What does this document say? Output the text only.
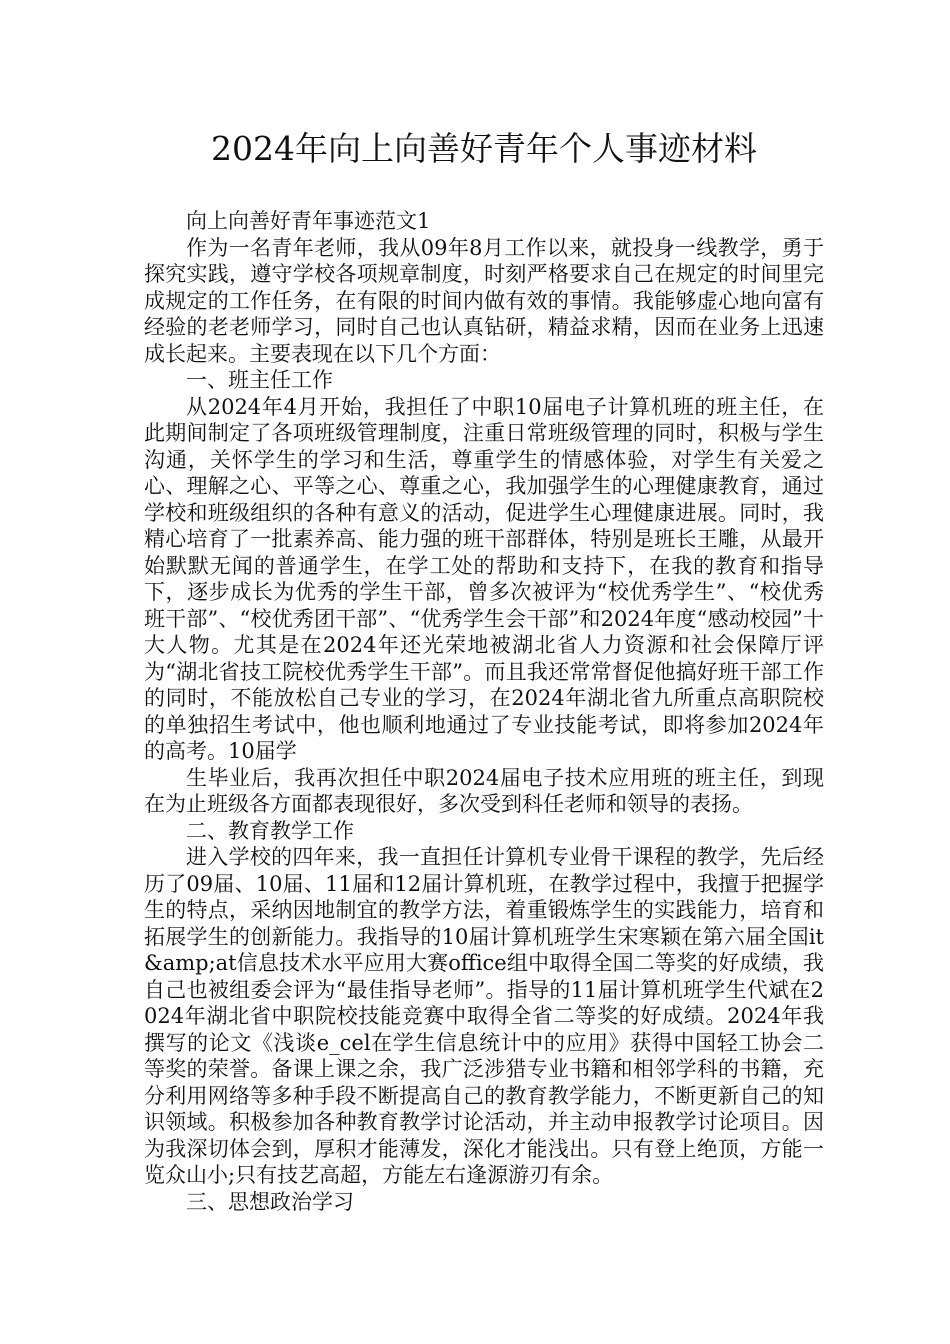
2024年向上向善好青年个人事迹材料

向上向善好青年事迹范文1

作为一名青年老师，我从09年8月工作以来，就投身一线教学，勇于探究实践，遵守学校各项规章制度，时刻严格要求自己在规定的时间里完成规定的工作任务，在有限的时间内做有效的事情。我能够虚心地向富有经验的老老师学习，同时自己也认真钻研，精益求精，因而在业务上迅速成长起来。主要表现在以下几个方面：

一、班主任工作

从2024年4月开始，我担任了中职10届电子计算机班的班主任，在此期间制定了各项班级管理制度，注重日常班级管理的同时，积极与学生沟通，关怀学生的学习和生活，尊重学生的情感体验，对学生有关爱之心、理解之心、平等之心、尊重之心，我加强学生的心理健康教育，通过学校和班级组织的各种有意义的活动，促进学生心理健康进展。同时，我精心培育了一批素养高、能力强的班干部群体，特别是班长王雕，从最开始默默无闻的普通学生，在学工处的帮助和支持下，在我的教育和指导下，逐步成长为优秀的学生干部，曾多次被评为“校优秀学生”、“校优秀班干部”、“校优秀团干部”、“优秀学生会干部”和2024年度“感动校园”十大人物。尤其是在2024年还光荣地被湖北省人力资源和社会保障厅评为“湖北省技工院校优秀学生干部”。而且我还常常督促他搞好班干部工作的同时，不能放松自己专业的学习，在2024年湖北省九所重点高职院校的单独招生考试中，他也顺利地通过了专业技能考试，即将参加2024年的高考。10届学

生毕业后，我再次担任中职2024届电子技术应用班的班主任，到现在为止班级各方面都表现很好，多次受到科任老师和领导的表扬。

二、教育教学工作

进入学校的四年来，我一直担任计算机专业骨干课程的教学，先后经历了09届、10届、11届和12届计算机班，在教学过程中，我擅于把握学生的特点，采纳因地制宜的教学方法，着重锻炼学生的实践能力，培育和拓展学生的创新能力。我指导的10届计算机班学生宋寒颖在第六届全国it&amp;at信息技术水平应用大赛office组中取得全国二等奖的好成绩，我自己也被组委会评为“最佳指导老师”。指导的11届计算机班学生代斌在2024年湖北省中职院校技能竞赛中取得全省二等奖的好成绩。2024年我撰写的论文《浅谈e_cel在学生信息统计中的应用》获得中国轻工协会二等奖的荣誉。备课上课之余，我广泛涉猎专业书籍和相邻学科的书籍，充分利用网络等多种手段不断提高自己的教育教学能力，不断更新自己的知识领域。积极参加各种教育教学讨论活动，并主动申报教学讨论项目。因为我深切体会到，厚积才能薄发，深化才能浅出。只有登上绝顶，方能一览众山小;只有技艺高超，方能左右逢源游刃有余。

三、思想政治学习
